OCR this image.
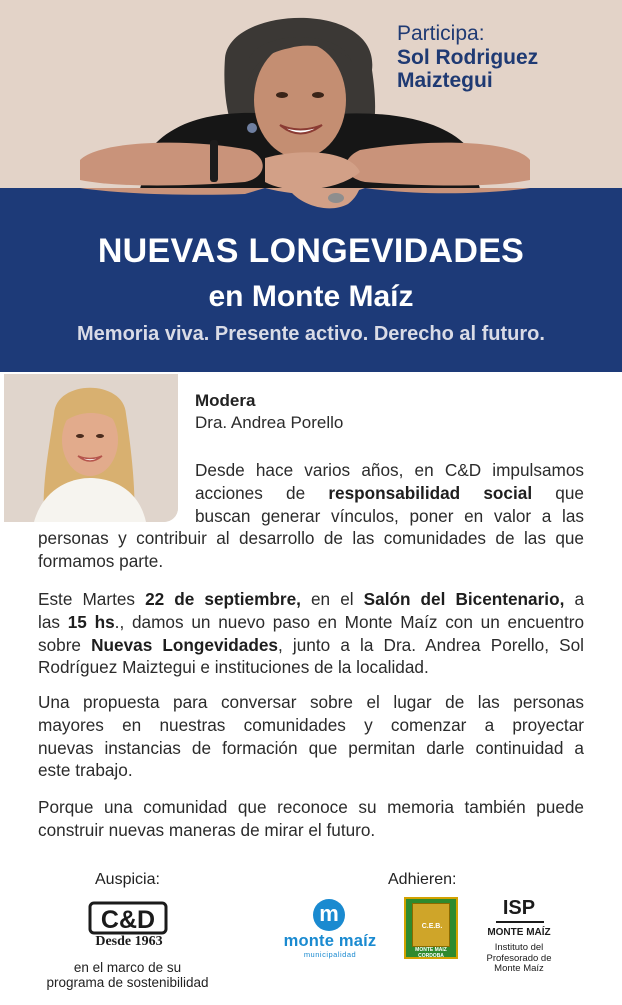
Participa:
Sol Rodriguez
Maiztegui
NUEVAS LONGEVIDADES
en Monte Maíz
Memoria viva. Presente activo. Derecho al futuro.
Modera
Dra. Andrea Porello
Desde hace varios años, en C&D impulsamos
acciones de responsabilidad social que
buscan generar vínculos, poner en valor a las
personas y contribuir al desarrollo de las comunidades de las que
formamos parte.
Este Martes 22 de septiembre, en el Salón del Bicentenario, a
las 15 hs., damos un nuevo paso en Monte Maíz con un encuentro
sobre Nuevas Longevidades, junto a la Dra. Andrea Porello, Sol
Rodríguez Maiztegui e instituciones de la localidad.
Una propuesta para conversar sobre el lugar de las personas
mayores en nuestras comunidades y comenzar a proyectar
nuevas instancias de formación que permitan darle continuidad a
este trabajo.
Porque una comunidad que reconoce su memoria también puede
construir nuevas maneras de mirar el futuro.
Auspicia:	Adhieren:
C&D
Desde 1963
en el marco de su
programa de sostenibilidad
m
monte maíz
municipalidad
C.E.B.
MONTE MAIZ
CORDOBA
ISP
MONTE MAÍZ
Instituto del
Profesorado de
Monte Maíz
